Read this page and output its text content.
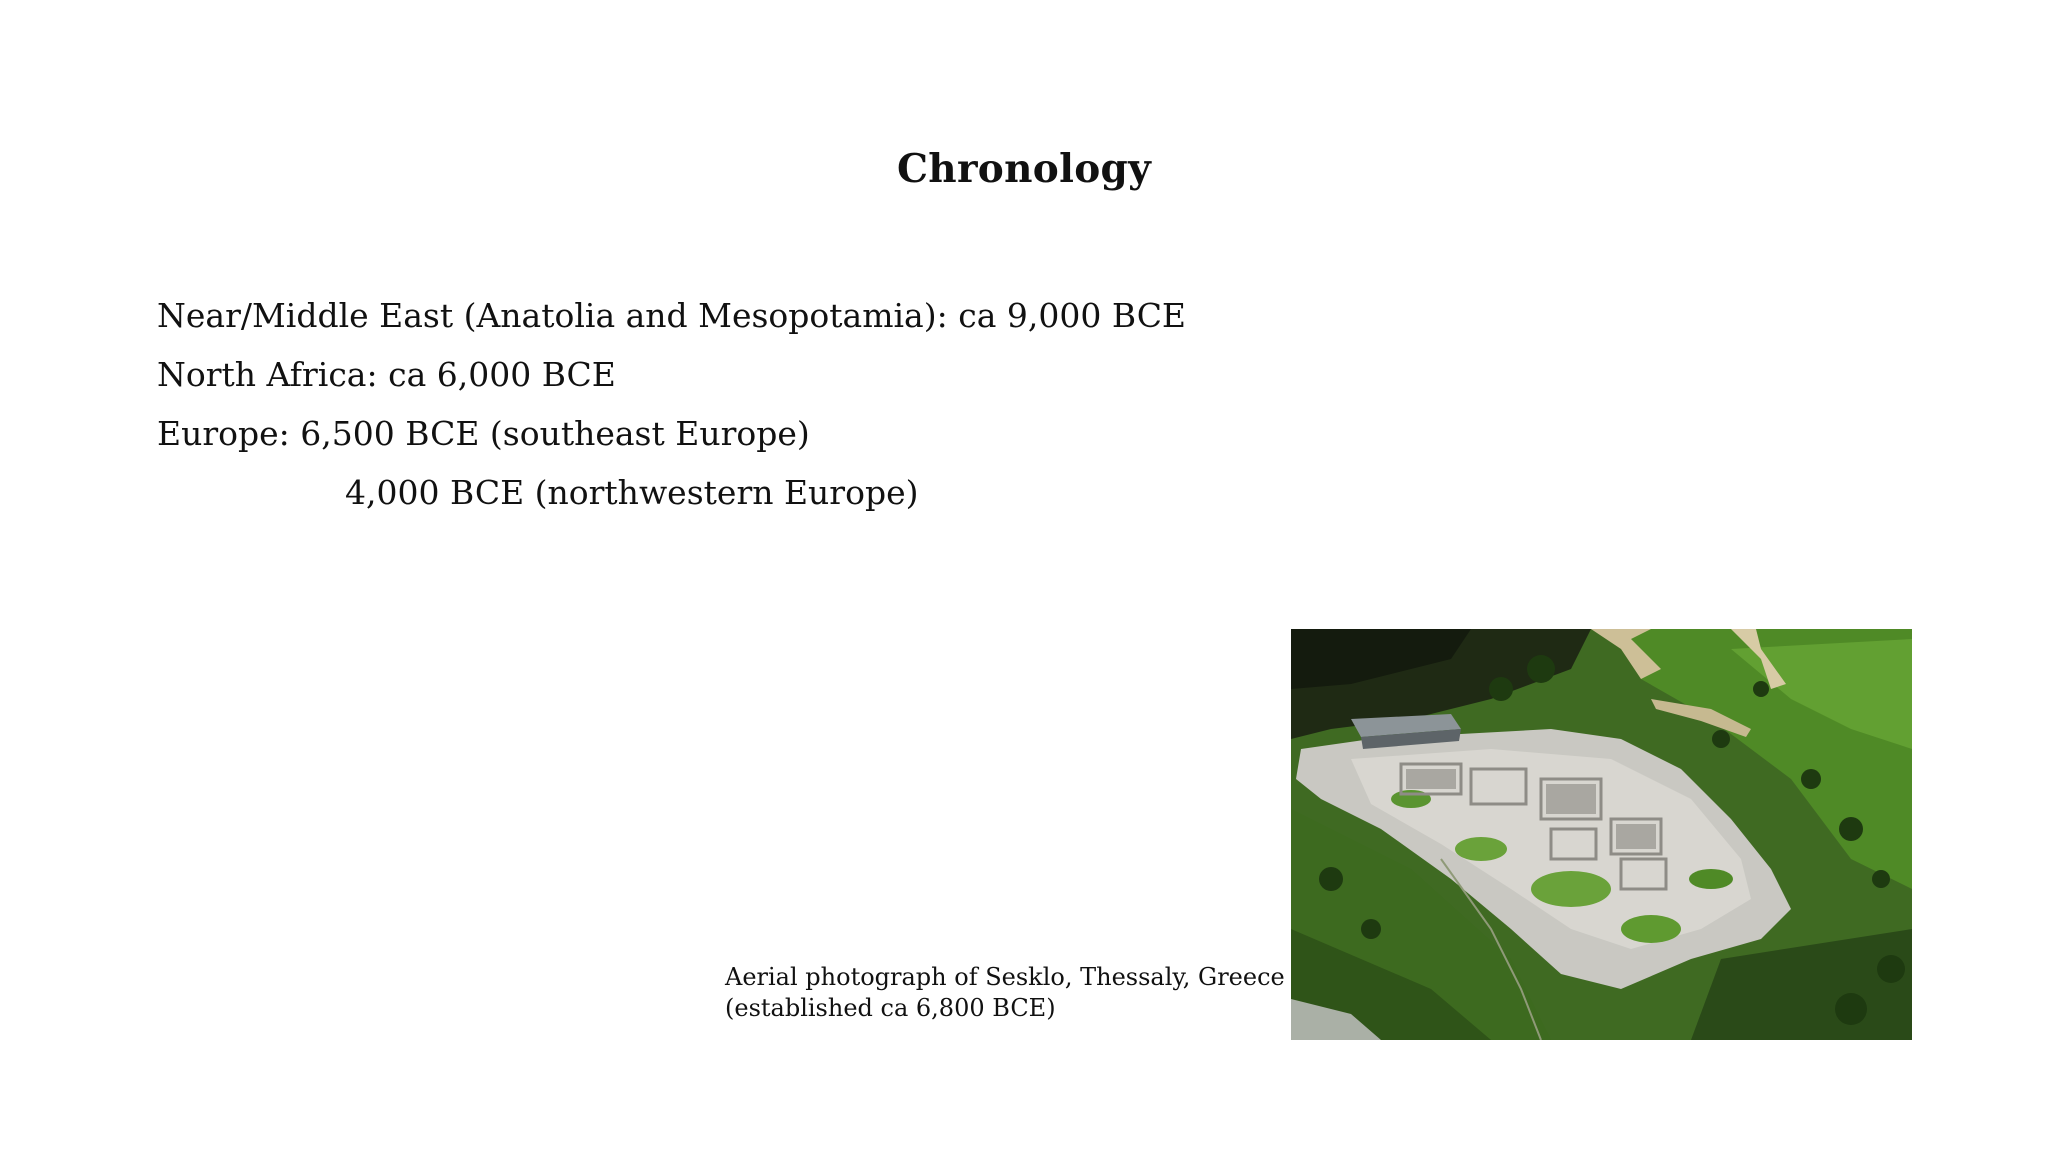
Chronology
Near/Middle East (Anatolia and Mesopotamia): ca 9,000 BCE
North Africa: ca 6,000 BCE
Europe: 6,500 BCE (southeast Europe)
4,000 BCE (northwestern Europe)
Aerial photograph of Sesklo, Thessaly, Greece
(established ca 6,800 BCE)
